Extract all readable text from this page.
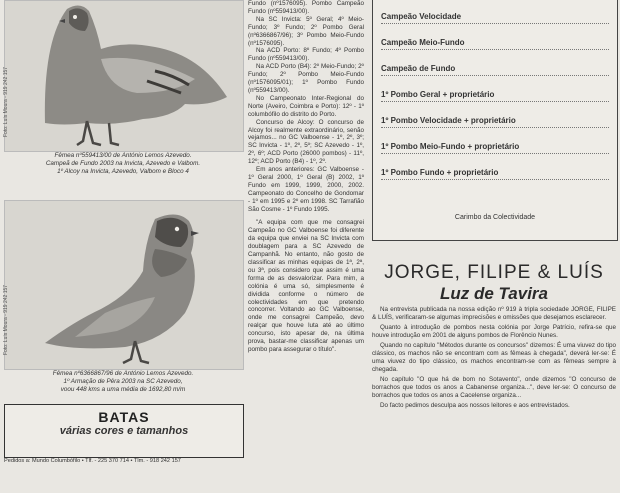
Foto: Luís Moura - 919 242 157
Fêmea nº559413/00 de António Lemos Azevedo.
Campeã de Fundo 2003 na Invicta, Azevedo e Valbom.
1º Alcoy na Invicta, Azevedo, Valbom e Bloco 4
Foto: Luís Moura - 919 242 157
Fêmea nº6366867/96 de António Lemos Azevedo.
1º Armação de Pêra 2003 na SC Azevedo,
voou 448 kms a uma média de 1692,80 m/m
BATAS
várias cores e tamanhos
Pedidos a: Mundo Columbófilo • Tlf. - 225 370 714 • Tlm. - 918 242 157

Fundo (nº1576095). Pombo Campeão Fundo (nº559413/00).

Na SC Invicta: 5º Geral; 4º Meio-Fundo; 3º Fundo; 2º Pombo Geral (nº6366867/96); 3º Pombo Meio-Fundo (nº1576095).

Na ACD Porto: 8º Fundo; 4º Pombo Fundo (nº559413/00).

Na ACD Porto (B4): 2º Meio-Fundo; 2º Fundo; 2º Pombo Meio-Fundo (nº1576095/01); 1º Pombo Fundo (nº559413/00).

No Campeonato Inter-Regional do Norte (Aveiro, Coimbra e Porto): 12º - 1º columbófilo do distrito do Porto.

Concurso de Alcoy: O concurso de Alcoy foi realmente extraordinário, senão vejamos... no GC Valboense - 1º, 2º, 3º; SC Invicta - 1º, 2º, 5º; SC Azevedo - 1º, 2º, 6º; ACD Porto (26000 pombos) - 11º, 12º; ACD Porto (B4) - 1º, 2º.

Em anos anteriores: GC Valboense - 1º Geral 2000, 1º Geral (B) 2002, 1º Fundo em 1999, 1999, 2000, 2002. Campeonato do Concelho de Gondomar - 1º em 1995 e 2º em 1998. SC Tarrafião São Cosme - 1º Fundo 1995.

"A equipa com que me consagrei Campeão no GC Valboense foi diferente da equipa que enviei na SC Invicta com doublagem para a SC Azevedo de Campanhã. No entanto, não gosto de classificar as minhas equipas de 1ª, 2ª, ou 3ª, pois considero que assim é uma forma de as desvalorizar. Para mim, a colónia é uma só, simplesmente é dividida conforme o número de colectividades em que pretendo concorrer. Voltando ao GC Valboense, onde me consagrei Campeão, devo realçar que houve luta até ao último concurso, isto apesar de, na última prova, bastar-me classificar apenas um pombo para assegurar o título".

Campeão Velocidade
Campeão Meio-Fundo
Campeão de Fundo
1º Pombo Geral + proprietário
1º Pombo Velocidade + proprietário
1º Pombo Meio-Fundo + proprietário
1º Pombo Fundo + proprietário
Carimbo da Colectividade
JORGE, FILIPE & LUÍS
Luz de Tavira

Na entrevista publicada na nossa edição nº 919 à tripla sociedade JORGE, FILIPE & LUÍS, verificaram-se algumas imprecisões e omissões que desejamos esclarecer.

Quanto à introdução de pombos nesta colónia por Jorge Patrício, refira-se que houve introdução em 2001 de alguns pombos de Florêncio Nunes.

Quando no capítulo "Métodos durante os concursos" dizemos: É uma viuvez do tipo clássico, os machos não se encontram com as fêmeas à chegada", deverá ler-se: É uma viuvez do tipo clássico, os machos encontram-se com as fêmeas sempre à chegada.

No capítulo "O que há de bom no Sotavento", onde dizemos "O concurso de borrachos que todos os anos a Cabanense organiza...", deve ler-se: O concurso de borrachos que todos os anos a Cacelense organiza...

Do facto pedimos desculpa aos nossos leitores e aos entrevistados.
